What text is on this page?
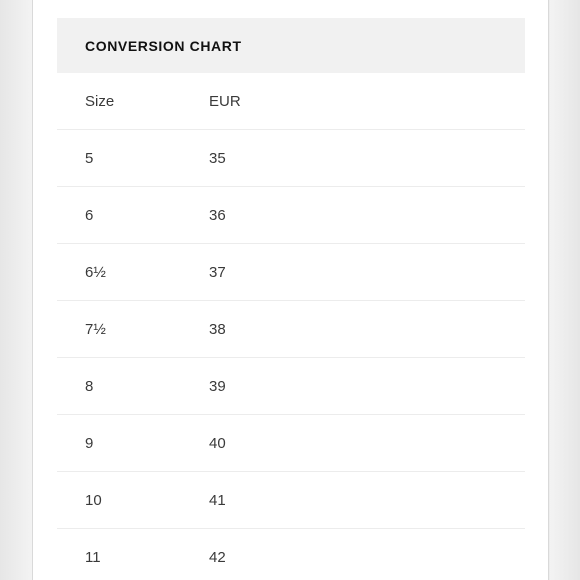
CONVERSION CHART
Size	EUR
5	35
6	36
6½	37
7½	38
8	39
9	40
10	41
11	42
